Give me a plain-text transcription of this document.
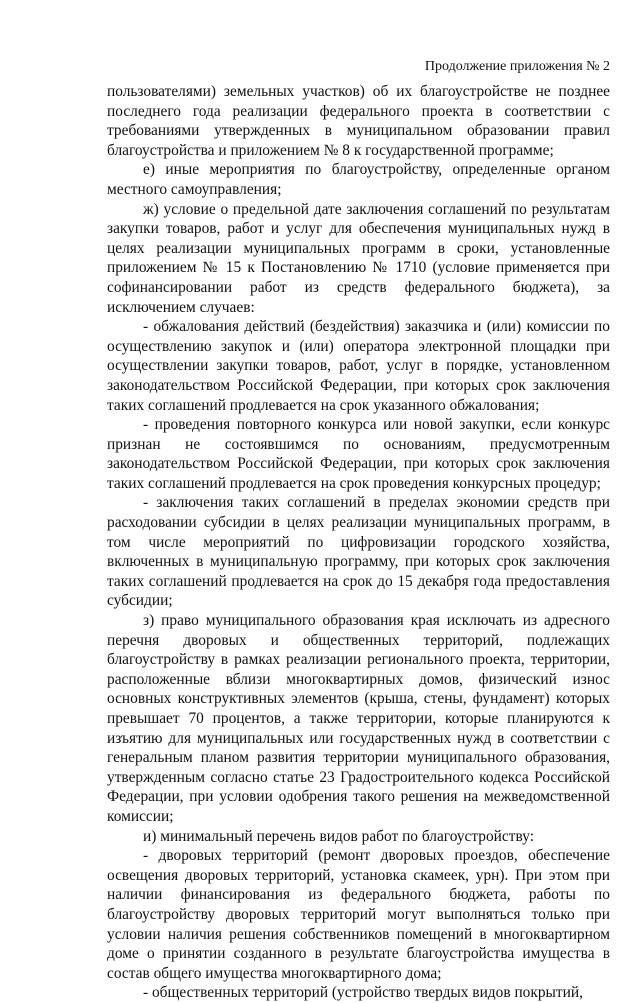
Продолжение приложения № 2

пользователями) земельных участков) об их благоустройстве не позднее последнего года реализации федерального проекта в соответствии с требованиями утвержденных в муниципальном образовании правил благоустройства и приложением № 8 к государственной программе;

е) иные мероприятия по благоустройству, определенные органом местного самоуправления;

ж) условие о предельной дате заключения соглашений по результатам закупки товаров, работ и услуг для обеспечения муниципальных нужд в целях реализации муниципальных программ в сроки, установленные приложением № 15 к Постановлению № 1710 (условие применяется при софинансировании работ из средств федерального бюджета), за исключением случаев:

- обжалования действий (бездействия) заказчика и (или) комиссии по осуществлению закупок и (или) оператора электронной площадки при осуществлении закупки товаров, работ, услуг в порядке, установленном законодательством Российской Федерации, при которых срок заключения таких соглашений продлевается на срок указанного обжалования;

- проведения повторного конкурса или новой закупки, если конкурс признан не состоявшимся по основаниям, предусмотренным законодательством Российской Федерации, при которых срок заключения таких соглашений продлевается на срок проведения конкурсных процедур;

- заключения таких соглашений в пределах экономии средств при расходовании субсидии в целях реализации муниципальных программ, в том числе мероприятий по цифровизации городского хозяйства, включенных в муниципальную программу, при которых срок заключения таких соглашений продлевается на срок до 15 декабря года предоставления субсидии;

з) право муниципального образования края исключать из адресного перечня дворовых и общественных территорий, подлежащих благоустройству в рамках реализации регионального проекта, территории, расположенные вблизи многоквартирных домов, физический износ основных конструктивных элементов (крыша, стены, фундамент) которых превышает 70 процентов, а также территории, которые планируются к изъятию для муниципальных или государственных нужд в соответствии с генеральным планом развития территории муниципального образования, утвержденным согласно статье 23 Градостроительного кодекса Российской Федерации, при условии одобрения такого решения на межведомственной комиссии;

и) минимальный перечень видов работ по благоустройству:

- дворовых территорий (ремонт дворовых проездов, обеспечение освещения дворовых территорий, установка скамеек, урн). При этом при наличии финансирования из федерального бюджета, работы по благоустройству дворовых территорий могут выполняться только при условии наличия решения собственников помещений в многоквартирном доме о принятии созданного в результате благоустройства имущества в состав общего имущества многоквартирного дома;

- общественных территорий (устройство твердых видов покрытий,
